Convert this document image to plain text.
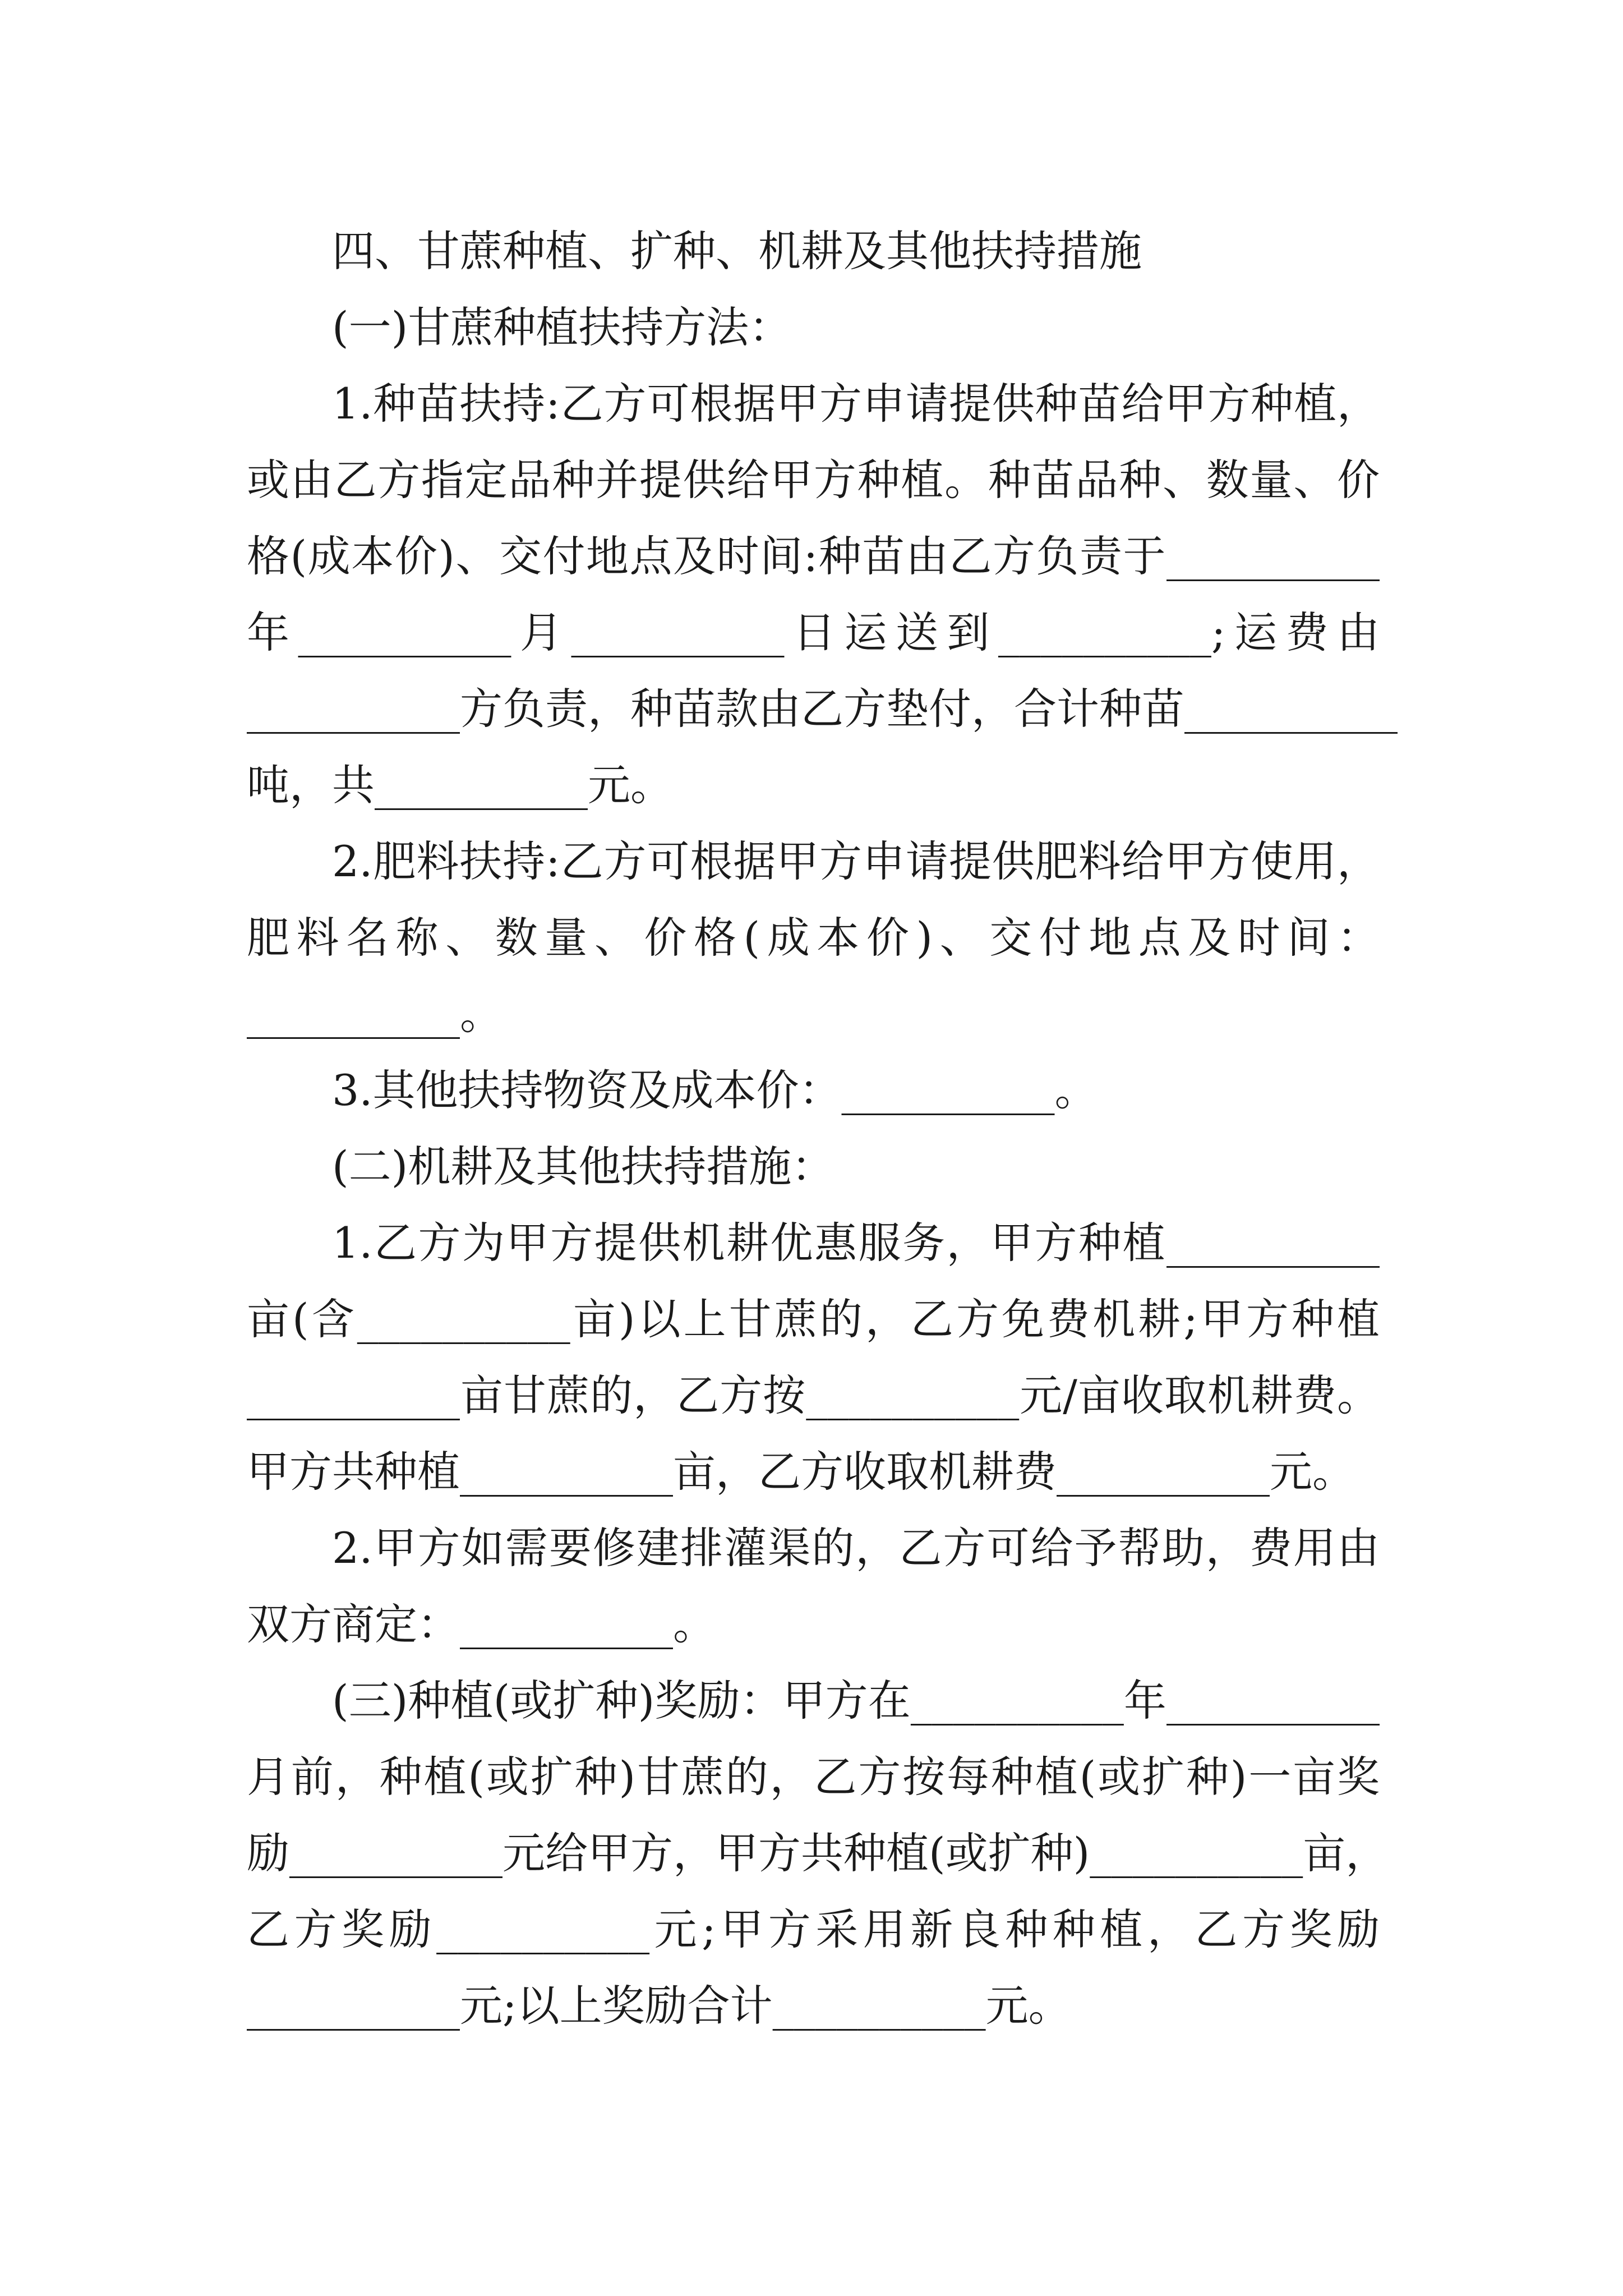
四、甘蔗种植、扩种、机耕及其他扶持措施
(一)甘蔗种植扶持方法：
1.种苗扶持:乙方可根据甲方申请提供种苗给甲方种植，
或由乙方指定品种并提供给甲方种植。种苗品种、数量、价
格(成本价)、交付地点及时间:种苗由乙方负责于__________
年__________月__________日运送到__________;运费由
__________方负责，种苗款由乙方垫付，合计种苗__________
吨，共__________元。
2.肥料扶持:乙方可根据甲方申请提供肥料给甲方使用，
肥料名称、数量、价格(成本价)、交付地点及时间：
__________。
3.其他扶持物资及成本价：__________。
(二)机耕及其他扶持措施：
1.乙方为甲方提供机耕优惠服务，甲方种植__________
亩(含__________亩)以上甘蔗的，乙方免费机耕;甲方种植
__________亩甘蔗的，乙方按__________元/亩收取机耕费。
甲方共种植__________亩，乙方收取机耕费__________元。
2.甲方如需要修建排灌渠的，乙方可给予帮助，费用由
双方商定：__________。
(三)种植(或扩种)奖励：甲方在__________年__________
月前，种植(或扩种)甘蔗的，乙方按每种植(或扩种)一亩奖
励__________元给甲方，甲方共种植(或扩种)__________亩，
乙方奖励__________元;甲方采用新良种种植，乙方奖励
__________元;以上奖励合计__________元。
